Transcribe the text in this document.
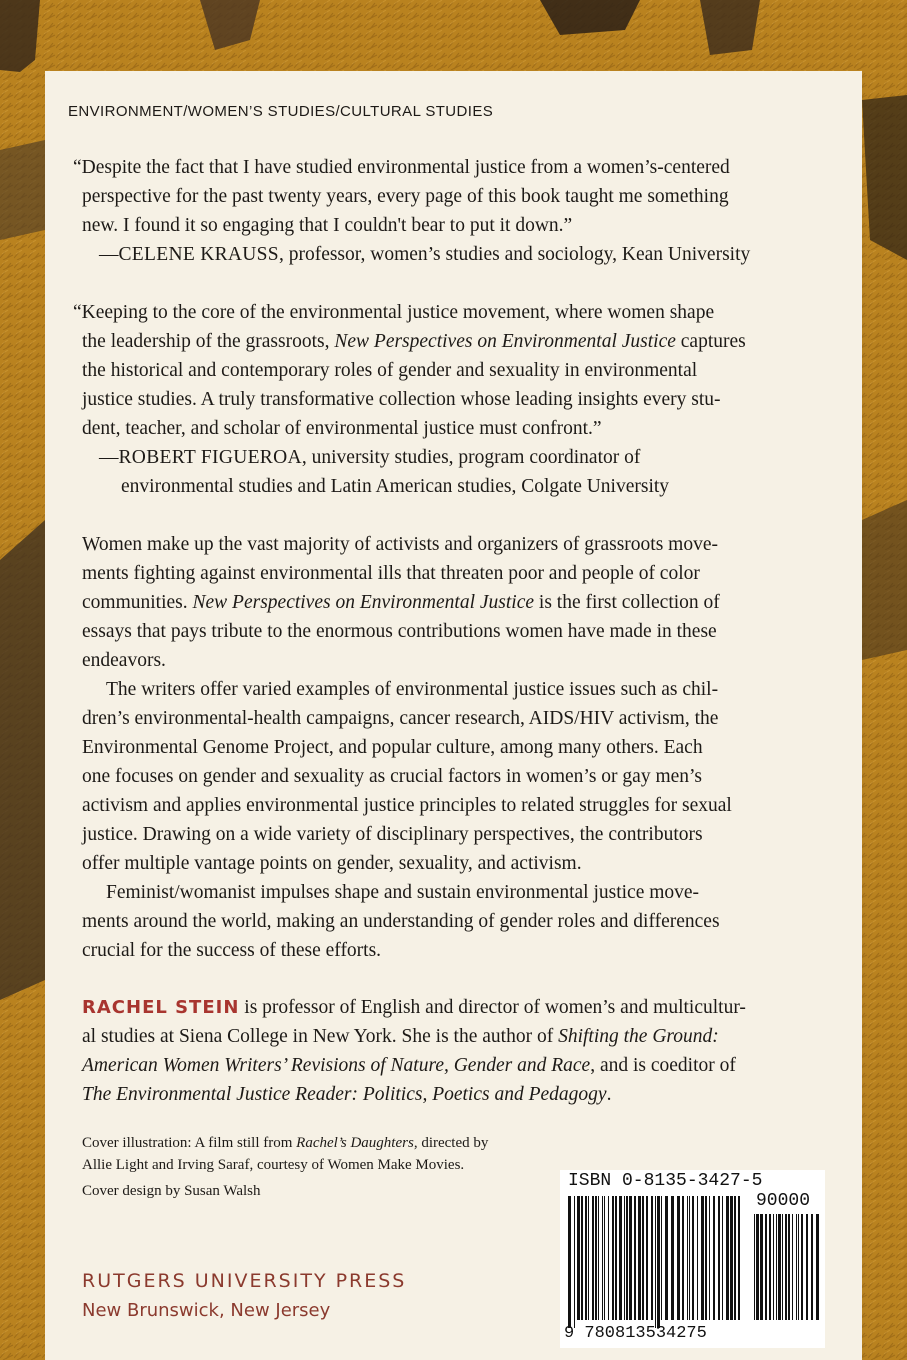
ENVIRONMENT/WOMEN’S STUDIES/CULTURAL STUDIES
“Despite the fact that I have studied environmental justice from a women’s-centered
perspective for the past twenty years, every page of this book taught me something
new. I found it so engaging that I couldn't bear to put it down.”
—CELENE KRAUSS, professor, women’s studies and sociology, Kean University
“Keeping to the core of the environmental justice movement, where women shape
the leadership of the grassroots, New Perspectives on Environmental Justice captures
the historical and contemporary roles of gender and sexuality in environmental
justice studies. A truly transformative collection whose leading insights every stu-
dent, teacher, and scholar of environmental justice must confront.”
—ROBERT FIGUEROA, university studies, program coordinator of
environmental studies and Latin American studies, Colgate University
Women make up the vast majority of activists and organizers of grassroots move-
ments fighting against environmental ills that threaten poor and people of color
communities. New Perspectives on Environmental Justice is the first collection of
essays that pays tribute to the enormous contributions women have made in these
endeavors.
The writers offer varied examples of environmental justice issues such as chil-
dren’s environmental-health campaigns, cancer research, AIDS/HIV activism, the
Environmental Genome Project, and popular culture, among many others. Each
one focuses on gender and sexuality as crucial factors in women’s or gay men’s
activism and applies environmental justice principles to related struggles for sexual
justice. Drawing on a wide variety of disciplinary perspectives, the contributors
offer multiple vantage points on gender, sexuality, and activism.
Feminist/womanist impulses shape and sustain environmental justice move-
ments around the world, making an understanding of gender roles and differences
crucial for the success of these efforts.
RACHEL STEIN is professor of English and director of women’s and multicultur-
al studies at Siena College in New York. She is the author of Shifting the Ground:
American Women Writers’ Revisions of Nature, Gender and Race, and is coeditor of
The Environmental Justice Reader: Politics, Poetics and Pedagogy.
Cover illustration: A film still from Rachel’s Daughters, directed by
Allie Light and Irving Saraf, courtesy of Women Make Movies.
Cover design by Susan Walsh
RUTGERS UNIVERSITY PRESS
New Brunswick, New Jersey
ISBN 0-8135-3427-5
90000
9 780813534275
